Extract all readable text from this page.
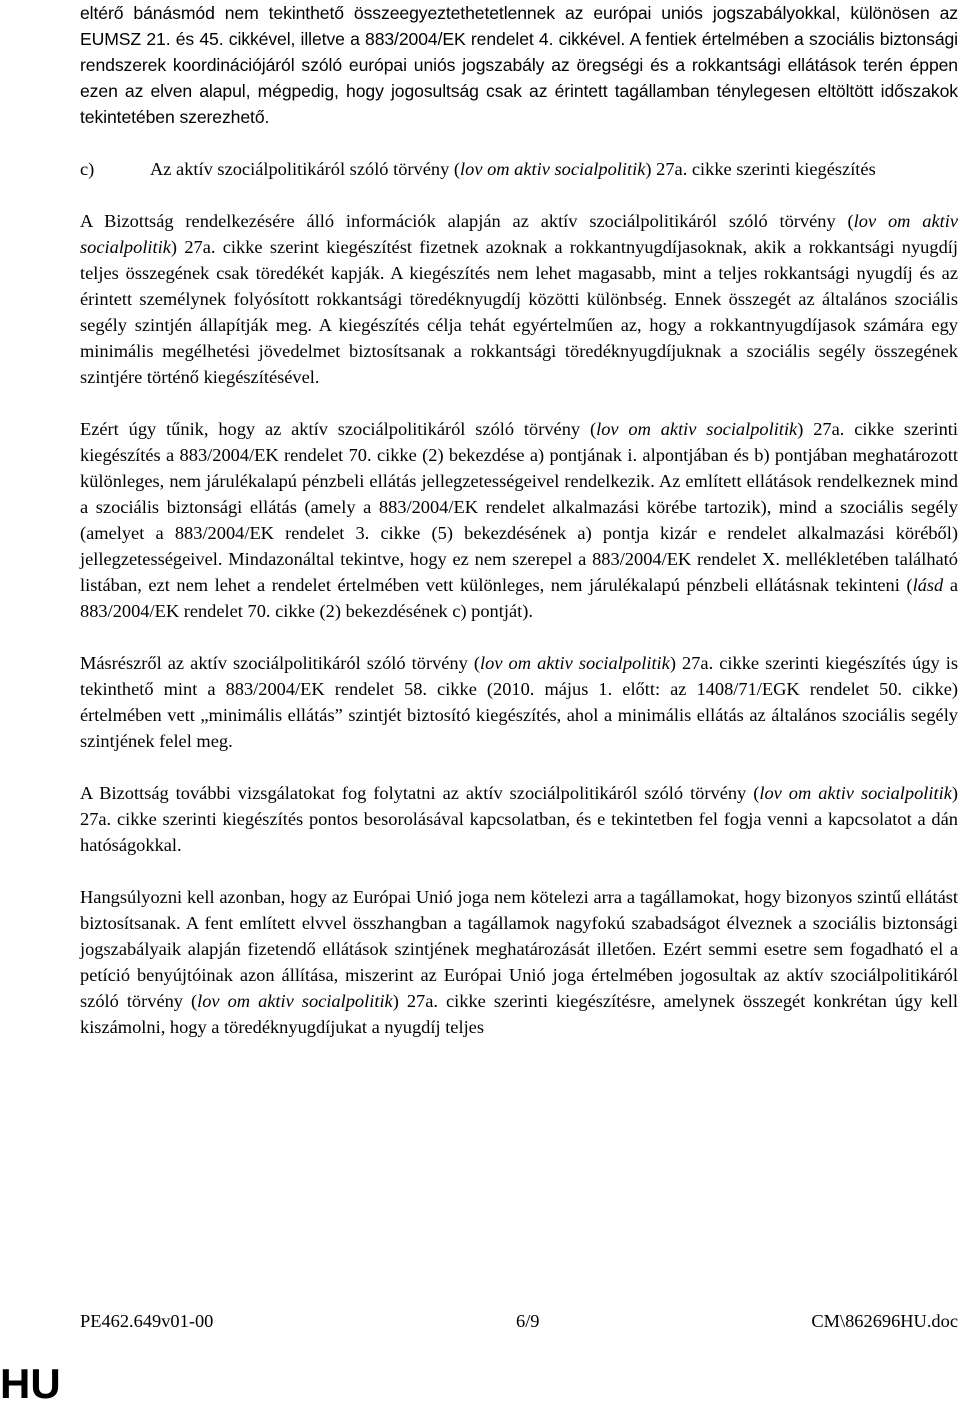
eltérő bánásmód nem tekinthető összeegyeztethetetlennek az európai uniós jogszabályokkal, különösen az EUMSZ 21. és 45. cikkével, illetve a 883/2004/EK rendelet 4. cikkével. A fentiek értelmében a szociális biztonsági rendszerek koordinációjáról szóló európai uniós jogszabály az öregségi és a rokkantsági ellátások terén éppen ezen az elven alapul, mégpedig, hogy jogosultság csak az érintett tagállamban ténylegesen eltöltött időszakok tekintetében szerezhető.

c)	Az aktív szociálpolitikáról szóló törvény (lov om aktiv socialpolitik) 27a. cikke szerinti kiegészítés

A Bizottság rendelkezésére álló információk alapján az aktív szociálpolitikáról szóló törvény (lov om aktiv socialpolitik) 27a. cikke szerint kiegészítést fizetnek azoknak a rokkantnyugdíjasoknak, akik a rokkantsági nyugdíj teljes összegének csak töredékét kapják. A kiegészítés nem lehet magasabb, mint a teljes rokkantsági nyugdíj és az érintett személynek folyósított rokkantsági töredéknyugdíj közötti különbség. Ennek összegét az általános szociális segély szintjén állapítják meg. A kiegészítés célja tehát egyértelműen az, hogy a rokkantnyugdíjasok számára egy minimális megélhetési jövedelmet biztosítsanak a rokkantsági töredéknyugdíjuknak a szociális segély összegének szintjére történő kiegészítésével.

Ezért úgy tűnik, hogy az aktív szociálpolitikáról szóló törvény (lov om aktiv socialpolitik) 27a. cikke szerinti kiegészítés a 883/2004/EK rendelet 70. cikke (2) bekezdése a) pontjának i. alpontjában és b) pontjában meghatározott különleges, nem járulékalapú pénzbeli ellátás jellegzetességeivel rendelkezik. Az említett ellátások rendelkeznek mind a szociális biztonsági ellátás (amely a 883/2004/EK rendelet alkalmazási körébe tartozik), mind a szociális segély (amelyet a 883/2004/EK rendelet 3. cikke (5) bekezdésének a) pontja kizár e rendelet alkalmazási köréből) jellegzetességeivel. Mindazonáltal tekintve, hogy ez nem szerepel a 883/2004/EK rendelet X. mellékletében található listában, ezt nem lehet a rendelet értelmében vett különleges, nem járulékalapú pénzbeli ellátásnak tekinteni (lásd a 883/2004/EK rendelet 70. cikke (2) bekezdésének c) pontját).

Másrészről az aktív szociálpolitikáról szóló törvény (lov om aktiv socialpolitik) 27a. cikke szerinti kiegészítés úgy is tekinthető mint a 883/2004/EK rendelet 58. cikke (2010. május 1. előtt: az 1408/71/EGK rendelet 50. cikke) értelmében vett „minimális ellátás” szintjét biztosító kiegészítés, ahol a minimális ellátás az általános szociális segély szintjének felel meg.

A Bizottság további vizsgálatokat fog folytatni az aktív szociálpolitikáról szóló törvény (lov om aktiv socialpolitik) 27a. cikke szerinti kiegészítés pontos besorolásával kapcsolatban, és e tekintetben fel fogja venni a kapcsolatot a dán hatóságokkal.

Hangsúlyozni kell azonban, hogy az Európai Unió joga nem kötelezi arra a tagállamokat, hogy bizonyos szintű ellátást biztosítsanak. A fent említett elvvel összhangban a tagállamok nagyfokú szabadságot élveznek a szociális biztonsági jogszabályaik alapján fizetendő ellátások szintjének meghatározását illetően. Ezért semmi esetre sem fogadható el a petíció benyújtóinak azon állítása, miszerint az Európai Unió joga értelmében jogosultak az aktív szociálpolitikáról szóló törvény (lov om aktiv socialpolitik) 27a. cikke szerinti kiegészítésre, amelynek összegét konkrétan úgy kell kiszámolni, hogy a töredéknyugdíjukat a nyugdíj teljes

PE462.649v01-00	6/9	CM\862696HU.doc
HU
